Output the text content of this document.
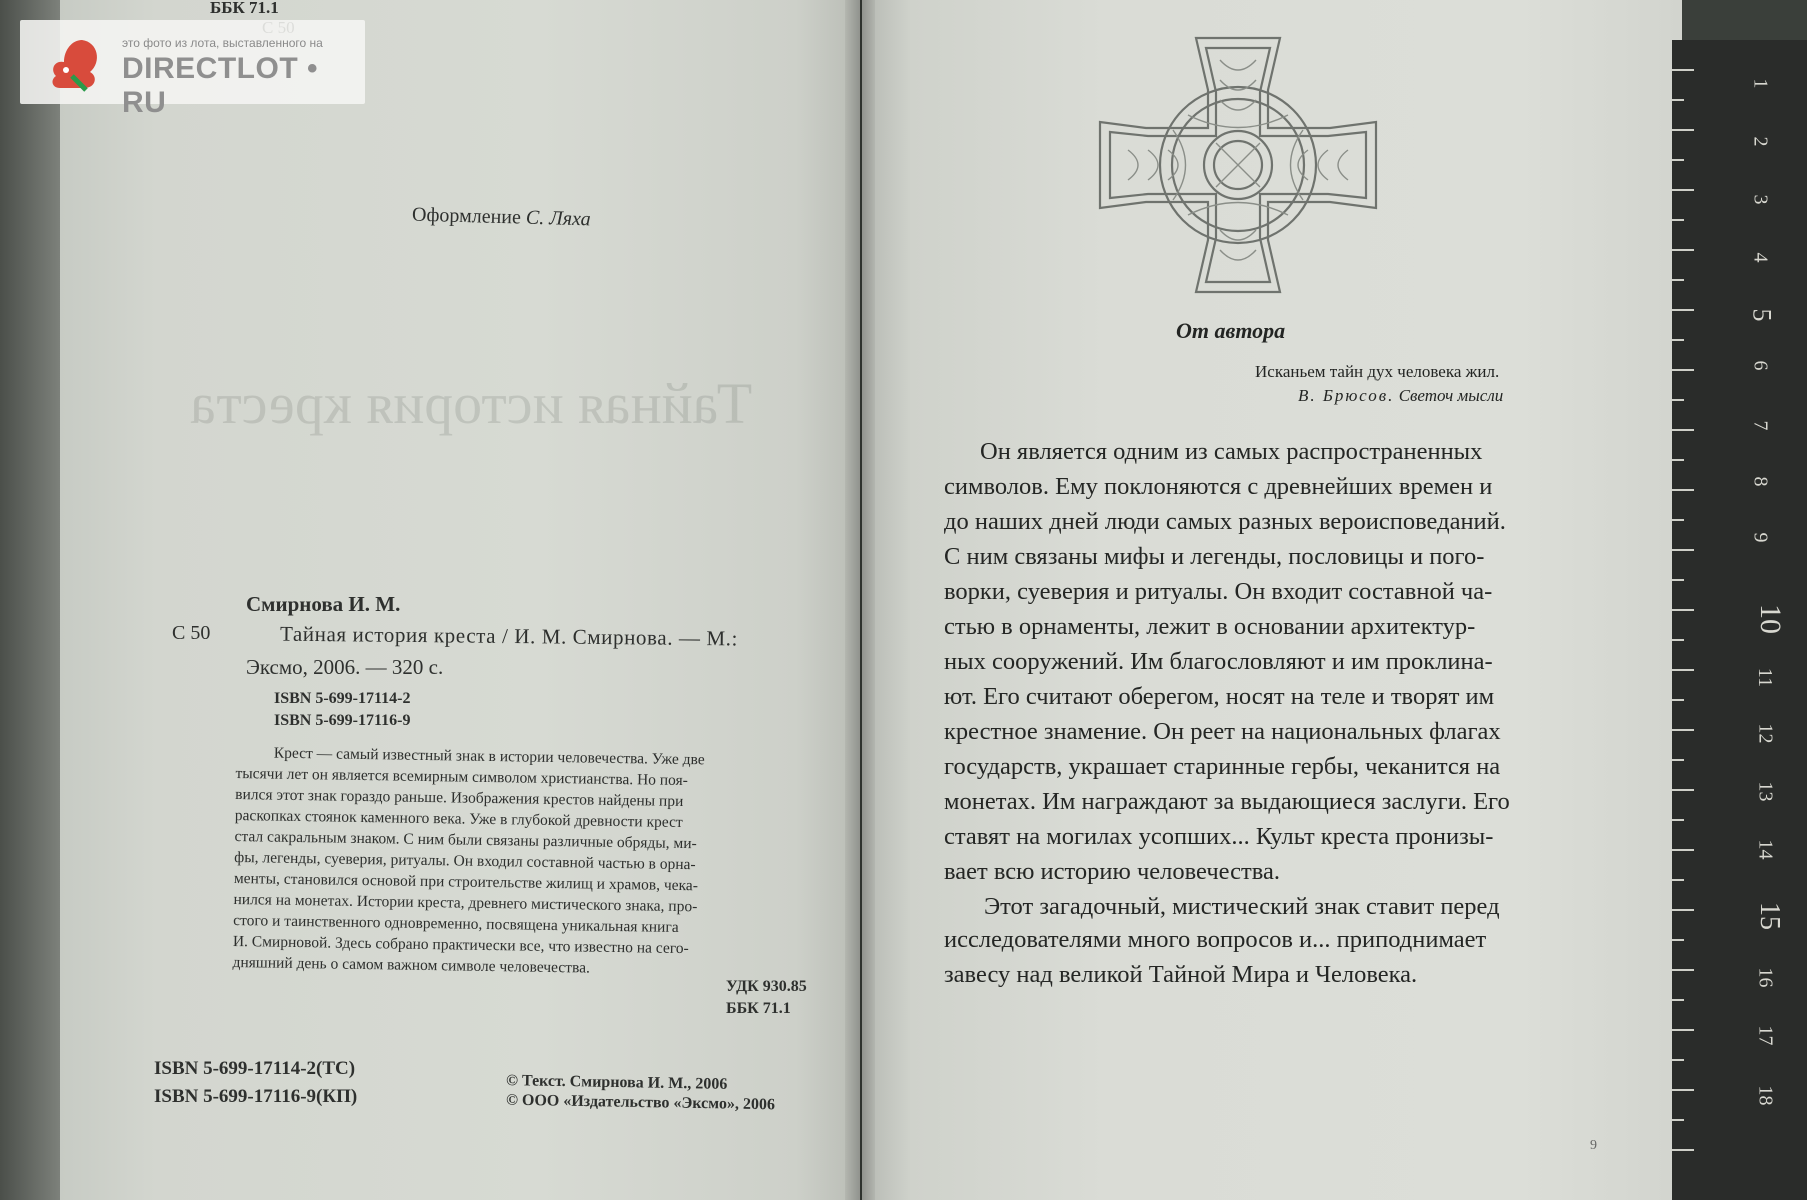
Тайная история креста
ББК 71.1
Оформление С. Ляха
Смирнова И. М.
С 50	Тайная история креста / И. М. Смирнова. — М.:
Эксмо, 2006. — 320 с.
ISBN 5-699-17114-2
ISBN 5-699-17116-9
Крест — самый известный знак в истории человечества. Уже две
тысячи лет он является всемирным символом христианства. Но поя-
вился этот знак гораздо раньше. Изображения крестов найдены при
раскопках стоянок каменного века. Уже в глубокой древности крест
стал сакральным знаком. С ним были связаны различные обряды, ми-
фы, легенды, суеверия, ритуалы. Он входил составной частью в орна-
менты, становился основой при строительстве жилищ и храмов, чека-
нился на монетах. Истории креста, древнего мистического знака, про-
стого и таинственного одновременно, посвящена уникальная книга
И. Смирновой. Здесь собрано практически все, что известно на сего-
дняшний день о самом важном символе человечества.
УДК 930.85
ББК 71.1
ISBN 5-699-17114-2(ТС)
ISBN 5-699-17116-9(КП)
© Текст. Смирнова И. М., 2006
© ООО «Издательство «Эксмо», 2006
От автора
Исканьем тайн дух человека жил.
В. Брюсов. Светоч мысли
Он является одним из самых распространенных
символов. Ему поклоняются с древнейших времен и
до наших дней люди самых разных вероисповеданий.
С ним связаны мифы и легенды, пословицы и пого-
ворки, суеверия и ритуалы. Он входит составной ча-
стью в орнаменты, лежит в основании архитектур-
ных сооружений. Им благословляют и им проклина-
ют. Его считают оберегом, носят на теле и творят им
крестное знамение. Он реет на национальных флагах
государств, украшает старинные гербы, чеканится на
монетах. Им награждают за выдающиеся заслуги. Его
ставят на могилах усопших... Культ креста пронизы-
вает всю историю человечества.
Этот загадочный, мистический знак ставит перед
исследователями много вопросов и... приподнимает
завесу над великой Тайной Мира и Человека.
9
1
2
3
4
5
6
7
8
9
10
11
12
13
14
15
16
17
18
это фото из лота, выставленного на
DIRECTLOT • RU
